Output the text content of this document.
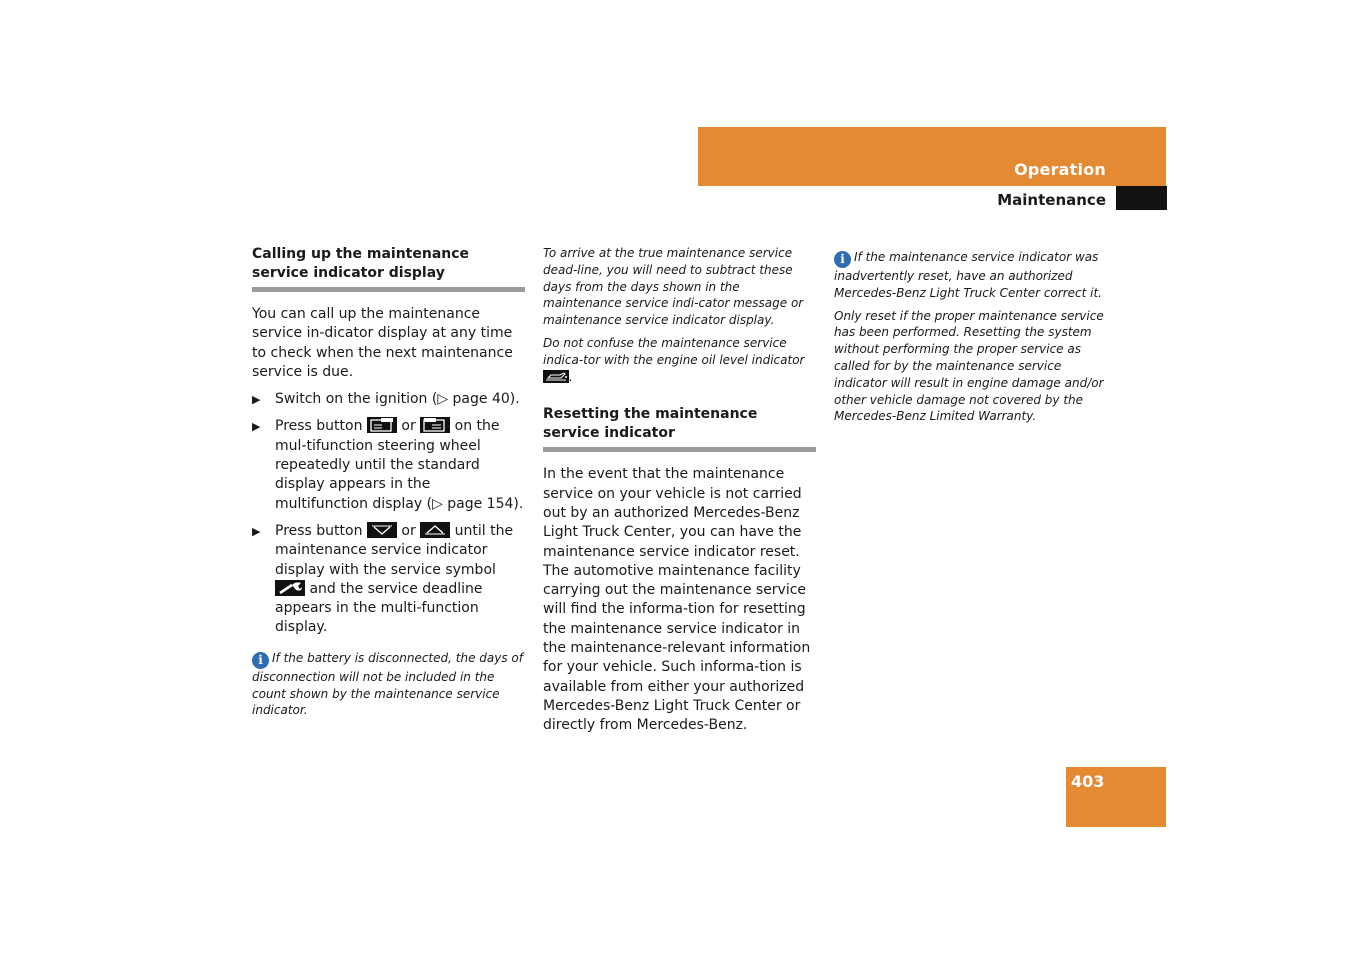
Operation
Maintenance

Calling up the maintenance service indicator display

You can call up the maintenance service in-dicator display at any time to check when the next maintenance service is due.

▶
Switch on the ignition (▷ page 40).
▶
Press button
or
on the mul-tifunction steering wheel repeatedly until the standard display appears in the multifunction display (▷ page 154).
▶
Press button
or
until the maintenance service indicator display with the service symbol
and the service deadline appears in the multi-function display.

i If the battery is disconnected, the days of disconnection will not be included in the count shown by the maintenance service indicator.

To arrive at the true maintenance service dead-line, you will need to subtract these days from the days shown in the maintenance service indi-cator message or maintenance service indicator display.

Do not confuse the maintenance service indica-tor with the engine oil level indicator .

Resetting the maintenance service indicator

In the event that the maintenance service on your vehicle is not carried out by an authorized Mercedes-Benz Light Truck Center, you can have the maintenance service indicator reset. The automotive maintenance facility carrying out the maintenance service will find the informa-tion for resetting the maintenance service indicator in the maintenance-relevant information for your vehicle. Such informa-tion is available from either your authorized Mercedes-Benz Light Truck Center or directly from Mercedes-Benz.

i If the maintenance service indicator was inadvertently reset, have an authorized Mercedes-Benz Light Truck Center correct it.

Only reset if the proper maintenance service has been performed. Resetting the system without performing the proper service as called for by the maintenance service indicator will result in engine damage and/or other vehicle damage not covered by the Mercedes-Benz Limited Warranty.

403
